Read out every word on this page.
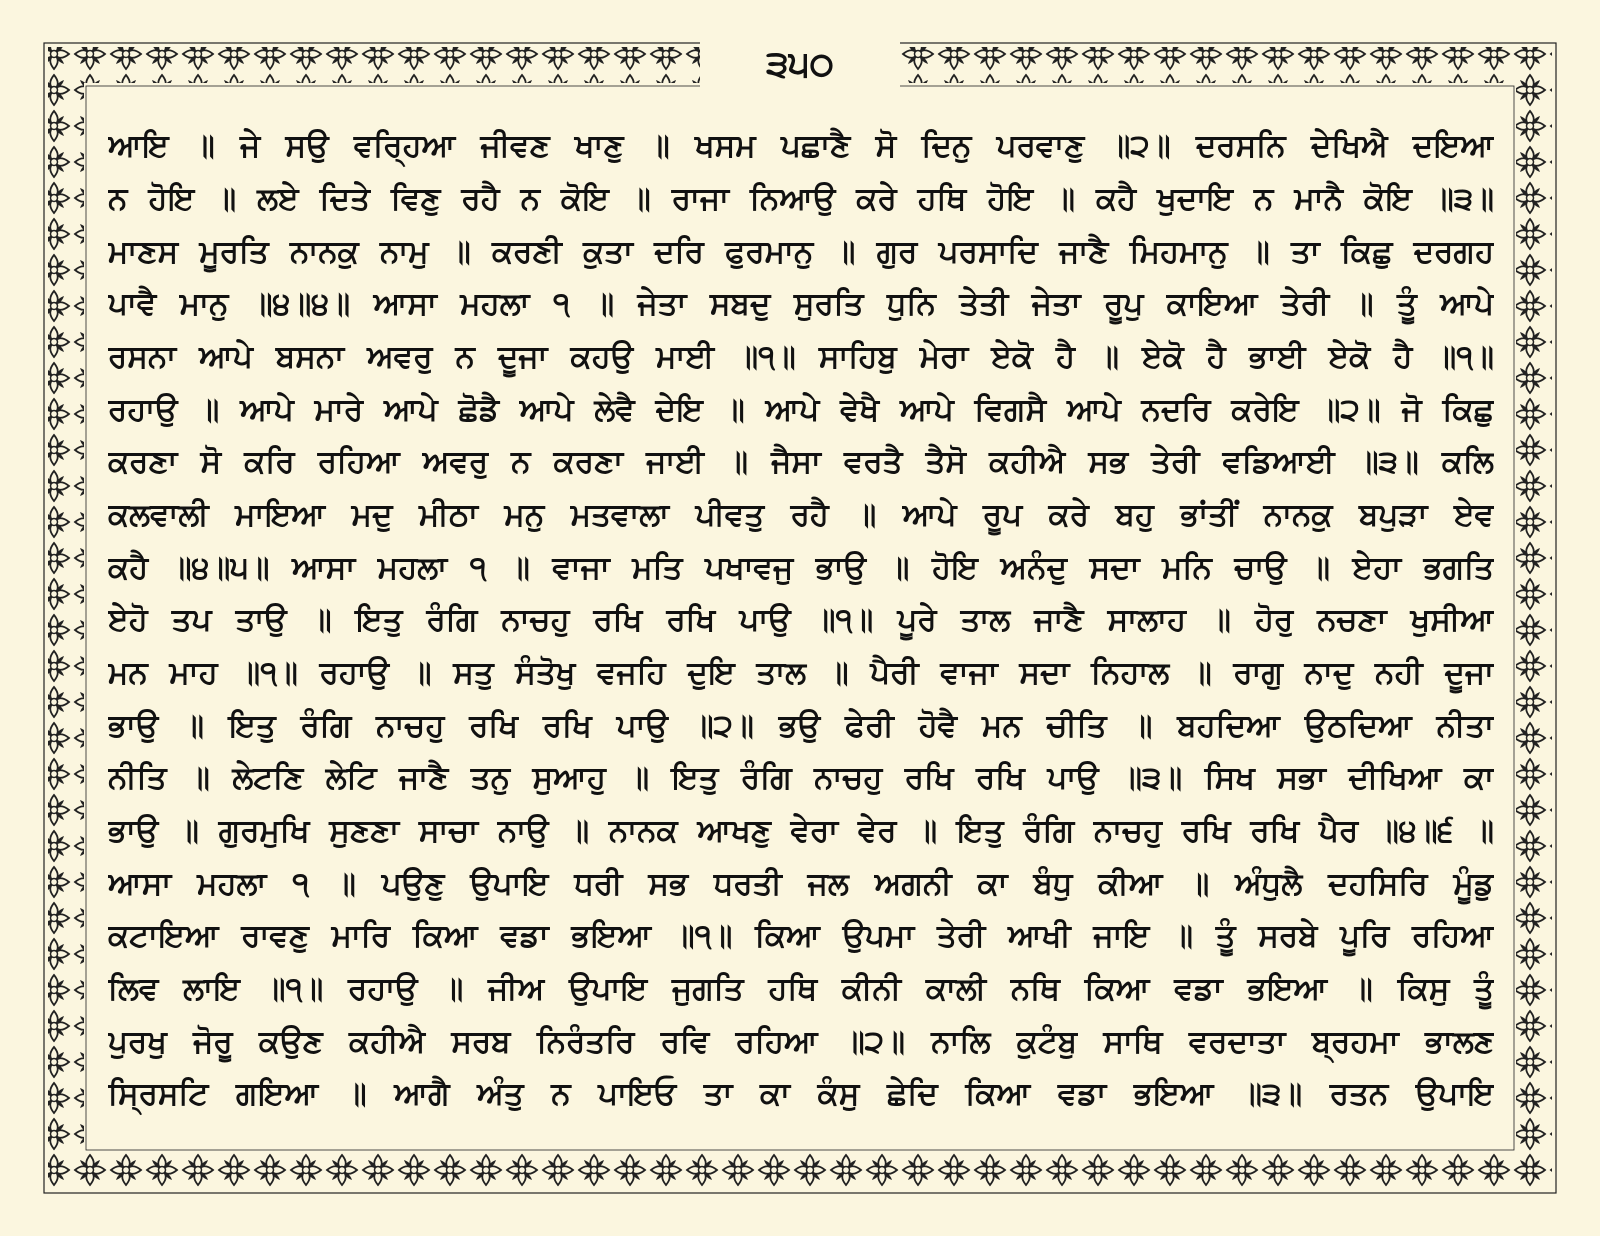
੩੫੦
ਆਇ ॥ ਜੇ ਸਉ ਵਰ੍ਹਿਆ ਜੀਵਣ ਖਾਣੁ ॥ ਖਸਮ ਪਛਾਣੈ ਸੋ ਦਿਨੁ ਪਰਵਾਣੁ ॥੨॥ ਦਰਸਨਿ ਦੇਖਿਐ ਦਇਆ
ਨ ਹੋਇ ॥ ਲਏ ਦਿਤੇ ਵਿਣੁ ਰਹੈ ਨ ਕੋਇ ॥ ਰਾਜਾ ਨਿਆਉ ਕਰੇ ਹਥਿ ਹੋਇ ॥ ਕਹੈ ਖੁਦਾਇ ਨ ਮਾਨੈ ਕੋਇ ॥੩॥
ਮਾਣਸ ਮੂਰਤਿ ਨਾਨਕੁ ਨਾਮੁ ॥ ਕਰਣੀ ਕੁਤਾ ਦਰਿ ਫੁਰਮਾਨੁ ॥ ਗੁਰ ਪਰਸਾਦਿ ਜਾਣੈ ਮਿਹਮਾਨੁ ॥ ਤਾ ਕਿਛੁ ਦਰਗਹ
ਪਾਵੈ ਮਾਨੁ ॥੪॥੪॥ ਆਸਾ ਮਹਲਾ ੧ ॥ ਜੇਤਾ ਸਬਦੁ ਸੁਰਤਿ ਧੁਨਿ ਤੇਤੀ ਜੇਤਾ ਰੂਪੁ ਕਾਇਆ ਤੇਰੀ ॥ ਤੂੰ ਆਪੇ
ਰਸਨਾ ਆਪੇ ਬਸਨਾ ਅਵਰੁ ਨ ਦੂਜਾ ਕਹਉ ਮਾਈ ॥੧॥ ਸਾਹਿਬੁ ਮੇਰਾ ਏਕੋ ਹੈ ॥ ਏਕੋ ਹੈ ਭਾਈ ਏਕੋ ਹੈ ॥੧॥
ਰਹਾਉ ॥ ਆਪੇ ਮਾਰੇ ਆਪੇ ਛੋਡੈ ਆਪੇ ਲੇਵੈ ਦੇਇ ॥ ਆਪੇ ਵੇਖੈ ਆਪੇ ਵਿਗਸੈ ਆਪੇ ਨਦਰਿ ਕਰੇਇ ॥੨॥ ਜੋ ਕਿਛੁ
ਕਰਣਾ ਸੋ ਕਰਿ ਰਹਿਆ ਅਵਰੁ ਨ ਕਰਣਾ ਜਾਈ ॥ ਜੈਸਾ ਵਰਤੈ ਤੈਸੋ ਕਹੀਐ ਸਭ ਤੇਰੀ ਵਡਿਆਈ ॥੩॥ ਕਲਿ
ਕਲਵਾਲੀ ਮਾਇਆ ਮਦੁ ਮੀਠਾ ਮਨੁ ਮਤਵਾਲਾ ਪੀਵਤੁ ਰਹੈ ॥ ਆਪੇ ਰੂਪ ਕਰੇ ਬਹੁ ਭਾਂਤੀਂ ਨਾਨਕੁ ਬਪੁੜਾ ਏਵ
ਕਹੈ ॥੪॥੫॥ ਆਸਾ ਮਹਲਾ ੧ ॥ ਵਾਜਾ ਮਤਿ ਪਖਾਵਜੁ ਭਾਉ ॥ ਹੋਇ ਅਨੰਦੁ ਸਦਾ ਮਨਿ ਚਾਉ ॥ ਏਹਾ ਭਗਤਿ
ਏਹੋ ਤਪ ਤਾਉ ॥ ਇਤੁ ਰੰਗਿ ਨਾਚਹੁ ਰਖਿ ਰਖਿ ਪਾਉ ॥੧॥ ਪੂਰੇ ਤਾਲ ਜਾਣੈ ਸਾਲਾਹ ॥ ਹੋਰੁ ਨਚਣਾ ਖੁਸੀਆ
ਮਨ ਮਾਹ ॥੧॥ ਰਹਾਉ ॥ ਸਤੁ ਸੰਤੋਖੁ ਵਜਹਿ ਦੁਇ ਤਾਲ ॥ ਪੈਰੀ ਵਾਜਾ ਸਦਾ ਨਿਹਾਲ ॥ ਰਾਗੁ ਨਾਦੁ ਨਹੀ ਦੂਜਾ
ਭਾਉ ॥ ਇਤੁ ਰੰਗਿ ਨਾਚਹੁ ਰਖਿ ਰਖਿ ਪਾਉ ॥੨॥ ਭਉ ਫੇਰੀ ਹੋਵੈ ਮਨ ਚੀਤਿ ॥ ਬਹਦਿਆ ਉਠਦਿਆ ਨੀਤਾ
ਨੀਤਿ ॥ ਲੇਟਣਿ ਲੇਟਿ ਜਾਣੈ ਤਨੁ ਸੁਆਹੁ ॥ ਇਤੁ ਰੰਗਿ ਨਾਚਹੁ ਰਖਿ ਰਖਿ ਪਾਉ ॥੩॥ ਸਿਖ ਸਭਾ ਦੀਖਿਆ ਕਾ
ਭਾਉ ॥ ਗੁਰਮੁਖਿ ਸੁਣਣਾ ਸਾਚਾ ਨਾਉ ॥ ਨਾਨਕ ਆਖਣੁ ਵੇਰਾ ਵੇਰ ॥ ਇਤੁ ਰੰਗਿ ਨਾਚਹੁ ਰਖਿ ਰਖਿ ਪੈਰ ॥੪॥੬ ॥
ਆਸਾ ਮਹਲਾ ੧ ॥ ਪਉਣੁ ਉਪਾਇ ਧਰੀ ਸਭ ਧਰਤੀ ਜਲ ਅਗਨੀ ਕਾ ਬੰਧੁ ਕੀਆ ॥ ਅੰਧੁਲੈ ਦਹਸਿਰਿ ਮੂੰਡੁ
ਕਟਾਇਆ ਰਾਵਣੁ ਮਾਰਿ ਕਿਆ ਵਡਾ ਭਇਆ ॥੧॥ ਕਿਆ ਉਪਮਾ ਤੇਰੀ ਆਖੀ ਜਾਇ ॥ ਤੂੰ ਸਰਬੇ ਪੂਰਿ ਰਹਿਆ
ਲਿਵ ਲਾਇ ॥੧॥ ਰਹਾਉ ॥ ਜੀਅ ਉਪਾਇ ਜੁਗਤਿ ਹਥਿ ਕੀਨੀ ਕਾਲੀ ਨਥਿ ਕਿਆ ਵਡਾ ਭਇਆ ॥ ਕਿਸੁ ਤੂੰ
ਪੁਰਖੁ ਜੋਰੂ ਕਉਣ ਕਹੀਐ ਸਰਬ ਨਿਰੰਤਰਿ ਰਵਿ ਰਹਿਆ ॥੨॥ ਨਾਲਿ ਕੁਟੰਬੁ ਸਾਥਿ ਵਰਦਾਤਾ ਬ੍ਰਹਮਾ ਭਾਲਣ
ਸ੍ਰਿਸਟਿ ਗਇਆ ॥ ਆਗੈ ਅੰਤੁ ਨ ਪਾਇਓ ਤਾ ਕਾ ਕੰਸੁ ਛੇਦਿ ਕਿਆ ਵਡਾ ਭਇਆ ॥੩॥ ਰਤਨ ਉਪਾਇ
